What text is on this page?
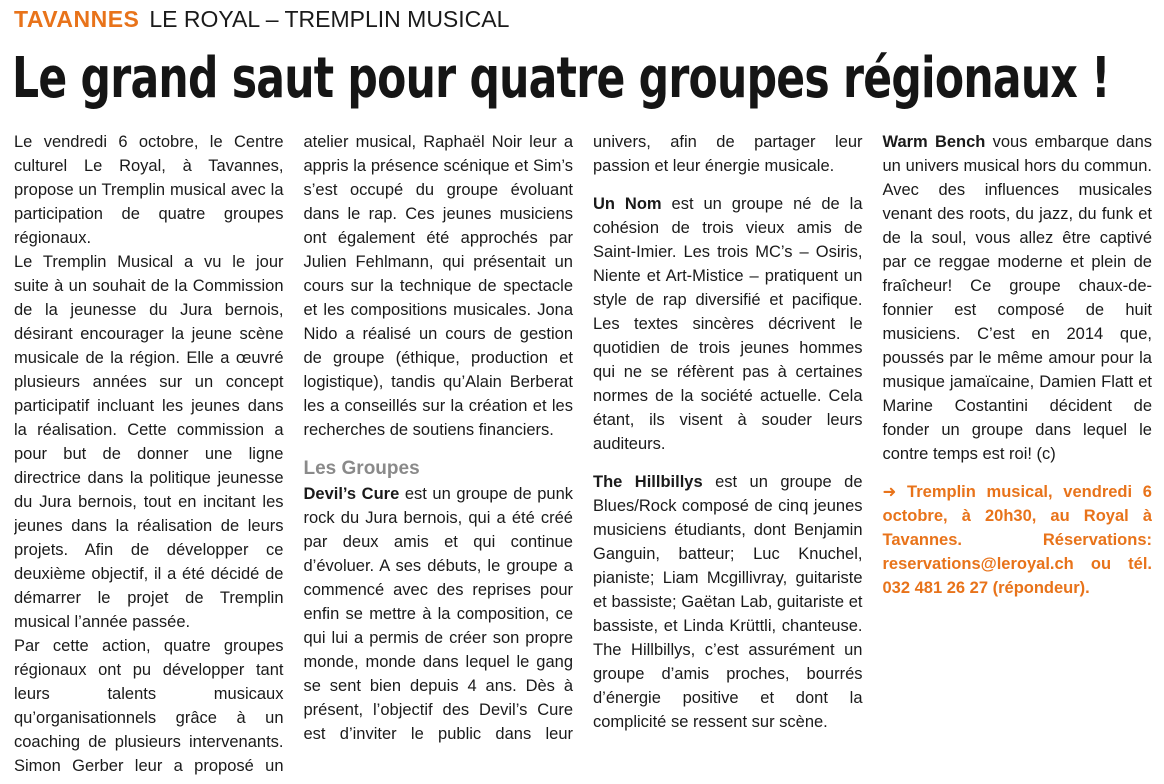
TAVANNES LE ROYAL – TREMPLIN MUSICAL
Le grand saut pour quatre groupes régionaux !

Le vendredi 6 octobre, le Centre culturel Le Royal, à Tavannes, propose un Tremplin musical avec la participation de quatre groupes régionaux.

Le Tremplin Musical a vu le jour suite à un souhait de la Commission de la jeunesse du Jura bernois, désirant encourager la jeune scène musicale de la région. Elle a œuvré plusieurs années sur un concept participatif incluant les jeunes dans la réalisation. Cette commission a pour but de donner une ligne directrice dans la politique jeunesse du Jura bernois, tout en incitant les jeunes dans la réalisation de leurs projets. Afin de développer ce deuxième objectif, il a été décidé de démarrer le projet de Tremplin musical l’année passée.

Par cette action, quatre groupes régionaux ont pu développer tant leurs talents musicaux qu’organisationnels grâce à un coaching de plusieurs intervenants. Simon Gerber leur a proposé un atelier musical, Raphaël Noir leur a appris la présence scénique et Sim’s s’est occupé du groupe évoluant dans le rap. Ces jeunes musiciens ont également été approchés par Julien Fehlmann, qui présentait un cours sur la technique de spectacle et les compositions musicales. Jona Nido a réalisé un cours de gestion de groupe (éthique, production et logistique), tandis qu’Alain Berberat les a conseillés sur la création et les recherches de soutiens financiers.

Les Groupes

Devil’s Cure est un groupe de punk rock du Jura bernois, qui a été créé par deux amis et qui continue d’évoluer. A ses débuts, le groupe a commencé avec des reprises pour enfin se mettre à la composition, ce qui lui a permis de créer son propre monde, monde dans lequel le gang se sent bien depuis 4 ans. Dès à présent, l’objectif des Devil’s Cure est d’inviter le public dans leur univers, afin de partager leur passion et leur énergie musicale.

Un Nom est un groupe né de la cohésion de trois vieux amis de Saint-Imier. Les trois MC’s – Osiris, Niente et Art-Mistice – pratiquent un style de rap diversifié et pacifique. Les textes sincères décrivent le quotidien de trois jeunes hommes qui ne se réfèrent pas à certaines normes de la société actuelle. Cela étant, ils visent à souder leurs auditeurs.

The Hillbillys est un groupe de Blues/Rock composé de cinq jeunes musiciens étudiants, dont Benjamin Ganguin, batteur; Luc Knuchel, pianiste; Liam Mcgillivray, guitariste et bassiste; Gaëtan Lab, guitariste et bassiste, et Linda Krüttli, chanteuse. The Hillbillys, c’est assurément un groupe d’amis proches, bourrés d’énergie positive et dont la complicité se ressent sur scène.

Warm Bench vous embarque dans un univers musical hors du commun. Avec des influences musicales venant des roots, du jazz, du funk et de la soul, vous allez être captivé par ce reggae moderne et plein de fraîcheur! Ce groupe chaux-de-fonnier est composé de huit musiciens. C’est en 2014 que, poussés par le même amour pour la musique jamaïcaine, Damien Flatt et Marine Costantini décident de fonder un groupe dans lequel le contre temps est roi! (c)

➜ Tremplin musical, vendredi 6 octobre, à 20h30, au Royal à Tavannes. Réservations: reservations@leroyal.ch ou tél. 032 481 26 27 (répondeur).
